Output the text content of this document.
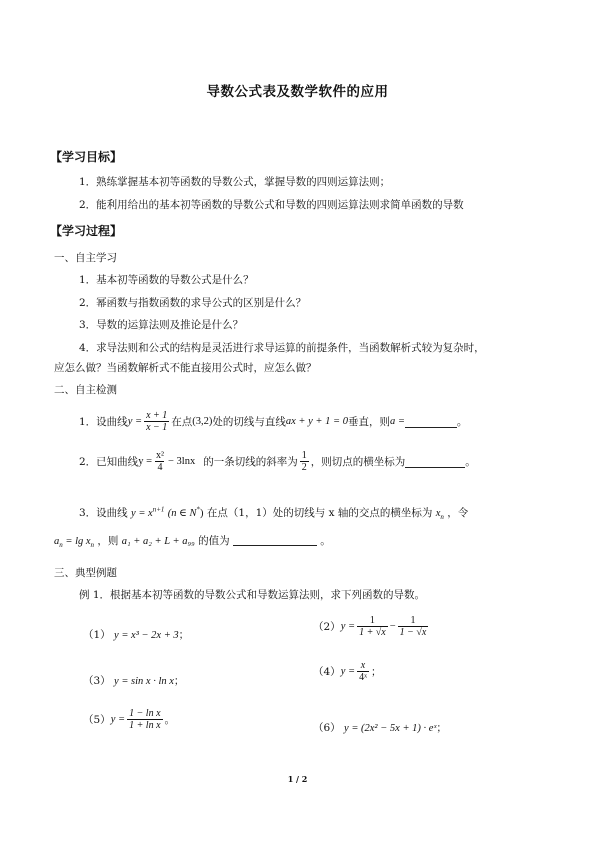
导数公式表及数学软件的应用
【学习目标】
1．熟练掌握基本初等函数的导数公式，掌握导数的四则运算法则；
2．能利用给出的基本初等函数的导数公式和导数的四则运算法则求简单函数的导数
【学习过程】
一、自主学习
1．基本初等函数的导数公式是什么？
2．幂函数与指数函数的求导公式的区别是什么？
3．导数的运算法则及推论是什么？
4．求导法则和公式的结构是灵活进行求导运算的前提条件，当函数解析式较为复杂时，
应怎么做？当函数解析式不能直接用公式时，应怎么做？
二、自主检测
1．设曲线 $y = \frac{x + 1}{x - 1}$ 在点 (3,2) 处的切线与直线 ax + y + 1 = 0 垂直，则 a =	。
2．已知曲线 $y = \frac{\text{x²}}{4} - 3\ln x$ 的一条切线的斜率为 $\frac{1}{2}$ ，则切点的横坐标为	。
3．设曲线 $y = x^{n+1}$ (n ∈ N*) 在点（1，1）处的切线与 x 轴的交点的横坐标为 $x_n$ ，令
$a_n = \lg x_n$ ，则 a₁ + a₂ + L + a₉₉ 的值为	。
三、典型例题
例 1．根据基本初等函数的导数公式和导数运算法则，求下列函数的导数。
（1） y = x³ − 2x + 3；
（2） $y = \frac{1}{1 + √x} - \frac{1}{1 - √x}$
（3） y = sin x · ln x；
（4） $y = \frac{x}{\text{4ˣ}}$ ；
（5） $y = \frac{\text{1 − ln x}}{\text{1 + ln x}}$ 。
（6） y = (2x² − 5x + 1) · eˣ；
1 / 2
